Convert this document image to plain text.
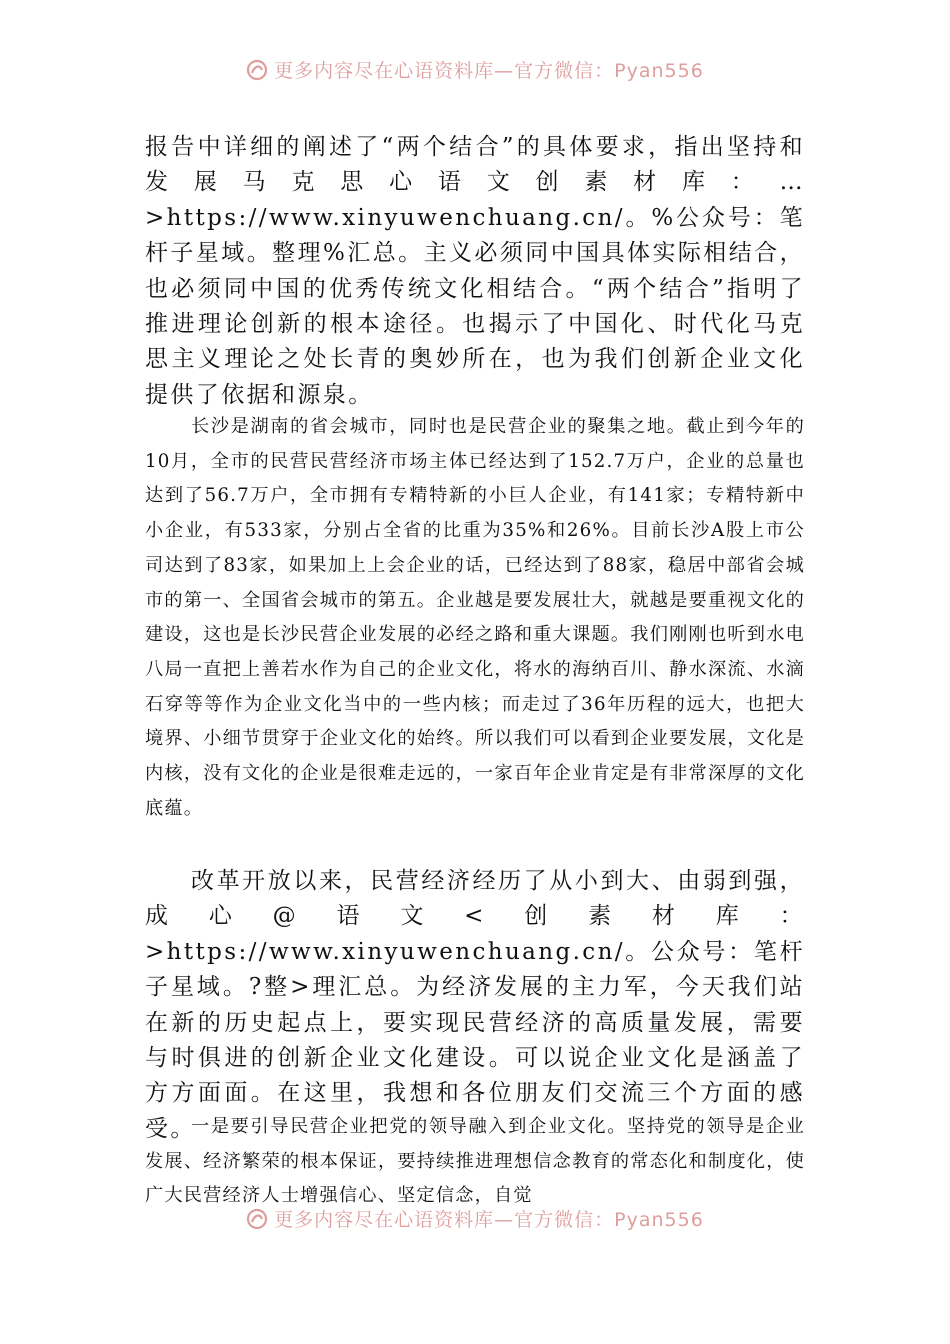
更多内容尽在心语资料库—官方微信：Pyan556

报告中详细的阐述了“两个结合”的具体要求，指出坚持和发展马克思心语文创素材库：…>https://www.xinyuwenchuang.cn/。%公众号：笔杆子星域。整理%汇总。主义必须同中国具体实际相结合，也必须同中国的优秀传统文化相结合。“两个结合”指明了推进理论创新的根本途径。也揭示了中国化、时代化马克思主义理论之处长青的奥妙所在，也为我们创新企业文化提供了依据和源泉。

长沙是湖南的省会城市，同时也是民营企业的聚集之地。截止到今年的10月，全市的民营民营经济市场主体已经达到了152.7万户，企业的总量也达到了56.7万户，全市拥有专精特新的小巨人企业，有141家；专精特新中小企业，有533家，分别占全省的比重为35%和26%。目前长沙A股上市公司达到了83家，如果加上上会企业的话，已经达到了88家，稳居中部省会城市的第一、全国省会城市的第五。企业越是要发展壮大，就越是要重视文化的建设，这也是长沙民营企业发展的必经之路和重大课题。我们刚刚也听到水电八局一直把上善若水作为自己的企业文化，将水的海纳百川、静水深流、水滴石穿等等作为企业文化当中的一些内核；而走过了36年历程的远大，也把大境界、小细节贯穿于企业文化的始终。所以我们可以看到企业要发展，文化是内核，没有文化的企业是很难走远的，一家百年企业肯定是有非常深厚的文化底蕴。

改革开放以来，民营经济经历了从小到大、由弱到强，成心@语文<创素材库：>https://www.xinyuwenchuang.cn/。公众号：笔杆子星域。?整>理汇总。为经济发展的主力军，今天我们站在新的历史起点上，要实现民营经济的高质量发展，需要与时俱进的创新企业文化建设。可以说企业文化是涵盖了方方面面。在这里，我想和各位朋友们交流三个方面的感受。

一是要引导民营企业把党的领导融入到企业文化。坚持党的领导是企业发展、经济繁荣的根本保证，要持续推进理想信念教育的常态化和制度化，使广大民营经济人士增强信心、坚定信念，自觉

更多内容尽在心语资料库—官方微信：Pyan556
